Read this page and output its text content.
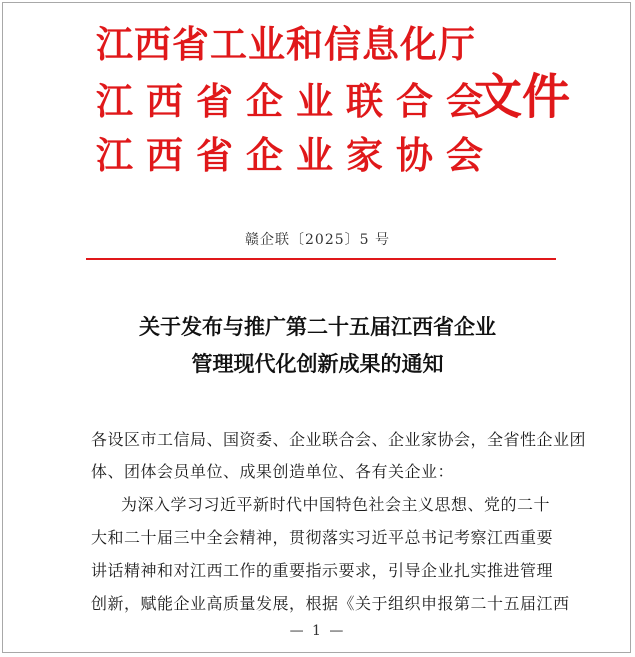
江西省工业和信息化厅
江西省企业联合会
江西省企业家协会
文件
赣企联〔2025〕5 号
关于发布与推广第二十五届江西省企业
管理现代化创新成果的通知
各设区市工信局、国资委、企业联合会、企业家协会，全省性企业团
体、团体会员单位、成果创造单位、各有关企业：
为深入学习习近平新时代中国特色社会主义思想、党的二十
大和二十届三中全会精神，贯彻落实习近平总书记考察江西重要
讲话精神和对江西工作的重要指示要求，引导企业扎实推进管理
创新，赋能企业高质量发展，根据《关于组织申报第二十五届江西
— 1 —
